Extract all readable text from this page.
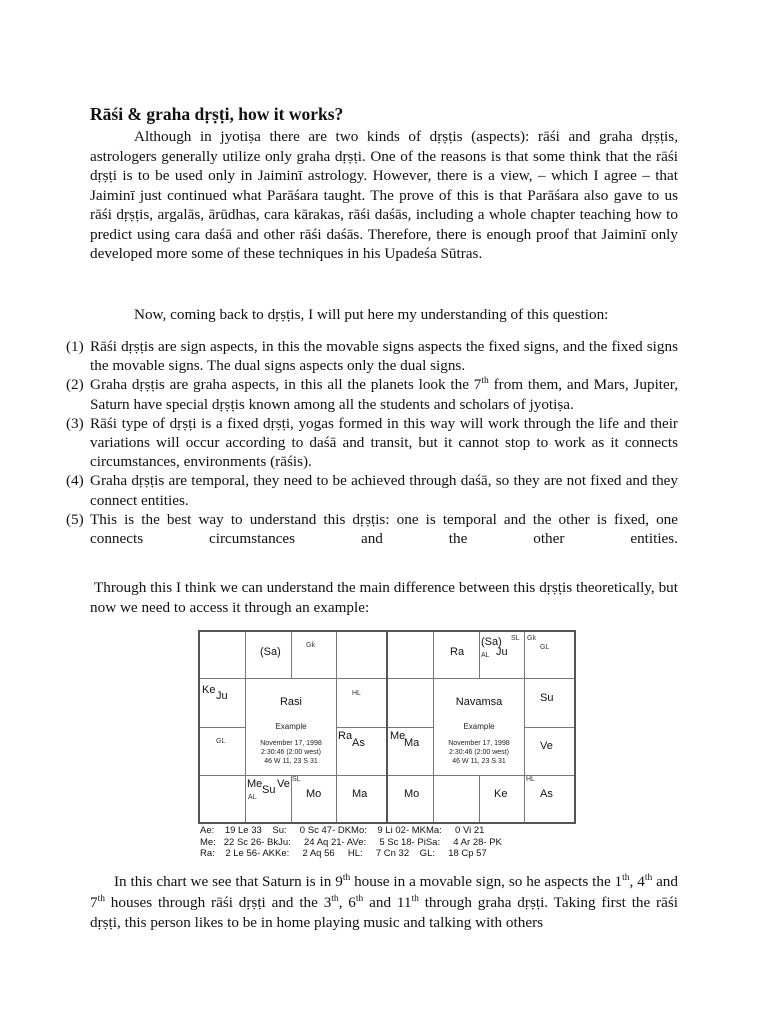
Rāśi & graha dṛṣṭi, how it works?
Although in jyotiṣa there are two kinds of dṛṣṭis (aspects): rāśi and graha dṛṣṭis, astrologers generally utilize only graha dṛṣṭi. One of the reasons is that some think that the rāśi dṛṣṭi is to be used only in Jaiminī astrology. However, there is a view, – which I agree – that Jaiminī just continued what Parāśara taught. The prove of this is that Parāśara also gave to us rāśi dṛṣṭis, argalās, ārūdhas, cara kārakas, rāśi daśās, including a whole chapter teaching how to predict using cara daśā and other rāśi daśās. Therefore, there is enough proof that Jaiminī only developed more some of these techniques in his Upadeśa Sūtras.
Now, coming back to dṛṣṭis, I will put here my understanding of this question:
(1) Rāśi dṛṣṭis are sign aspects, in this the movable signs aspects the fixed signs, and the fixed signs the movable signs. The dual signs aspects only the dual signs.
(2) Graha dṛṣṭis are graha aspects, in this all the planets look the 7th from them, and Mars, Jupiter, Saturn have special dṛṣṭis known among all the students and scholars of jyotiṣa.
(3) Rāśi type of dṛṣṭi is a fixed dṛṣṭi, yogas formed in this way will work through the life and their variations will occur according to daśā and transit, but it cannot stop to work as it connects circumstances, environments (rāśis).
(4) Graha dṛṣṭis are temporal, they need to be achieved through daśā, so they are not fixed and they connect entities.
(5) This is the best way to understand this dṛṣṭis: one is temporal and the other is fixed, one connects circumstances and the other entities.
Through this I think we can understand the main difference between this dṛṣṭis theoretically, but now we need to access it through an example:
(Sa)
Gk
Ke Ju
GL
HL
Ra
As
Me Su Ve SL
AL	Mo	Ma
Rasi
Example
November 17, 1998
2:30:46 (2:00 west)
46 W 11, 23 S 31
Ra
(Sa) SL
AL Ju
Gk
GL
Su
Me
Ma	Ve
Mo	Ke
HL
As
Navamsa
Example
November 17, 1998
2:30:46 (2:00 west)
46 W 11, 23 S 31
Ae:    19 Le 33    Su:     0 Sc 47- DKMo:    9 Li 02- MKMa:     0 Vi 21
Me:   22 Sc 26- BkJu:     24 Aq 21- AVe:     5 Sc 18- PiSa:     4 Ar 28- PK
Ra:    2 Le 56- AKKe:     2 Aq 56     HL:     7 Cn 32    GL:     18 Cp 57
In this chart we see that Saturn is in 9th house in a movable sign, so he aspects the 1th, 4th and 7th houses through rāśi dṛṣṭi and the 3th, 6th and 11th through graha dṛṣṭi. Taking first the rāśi dṛṣṭi, this person likes to be in home playing music and talking with others
